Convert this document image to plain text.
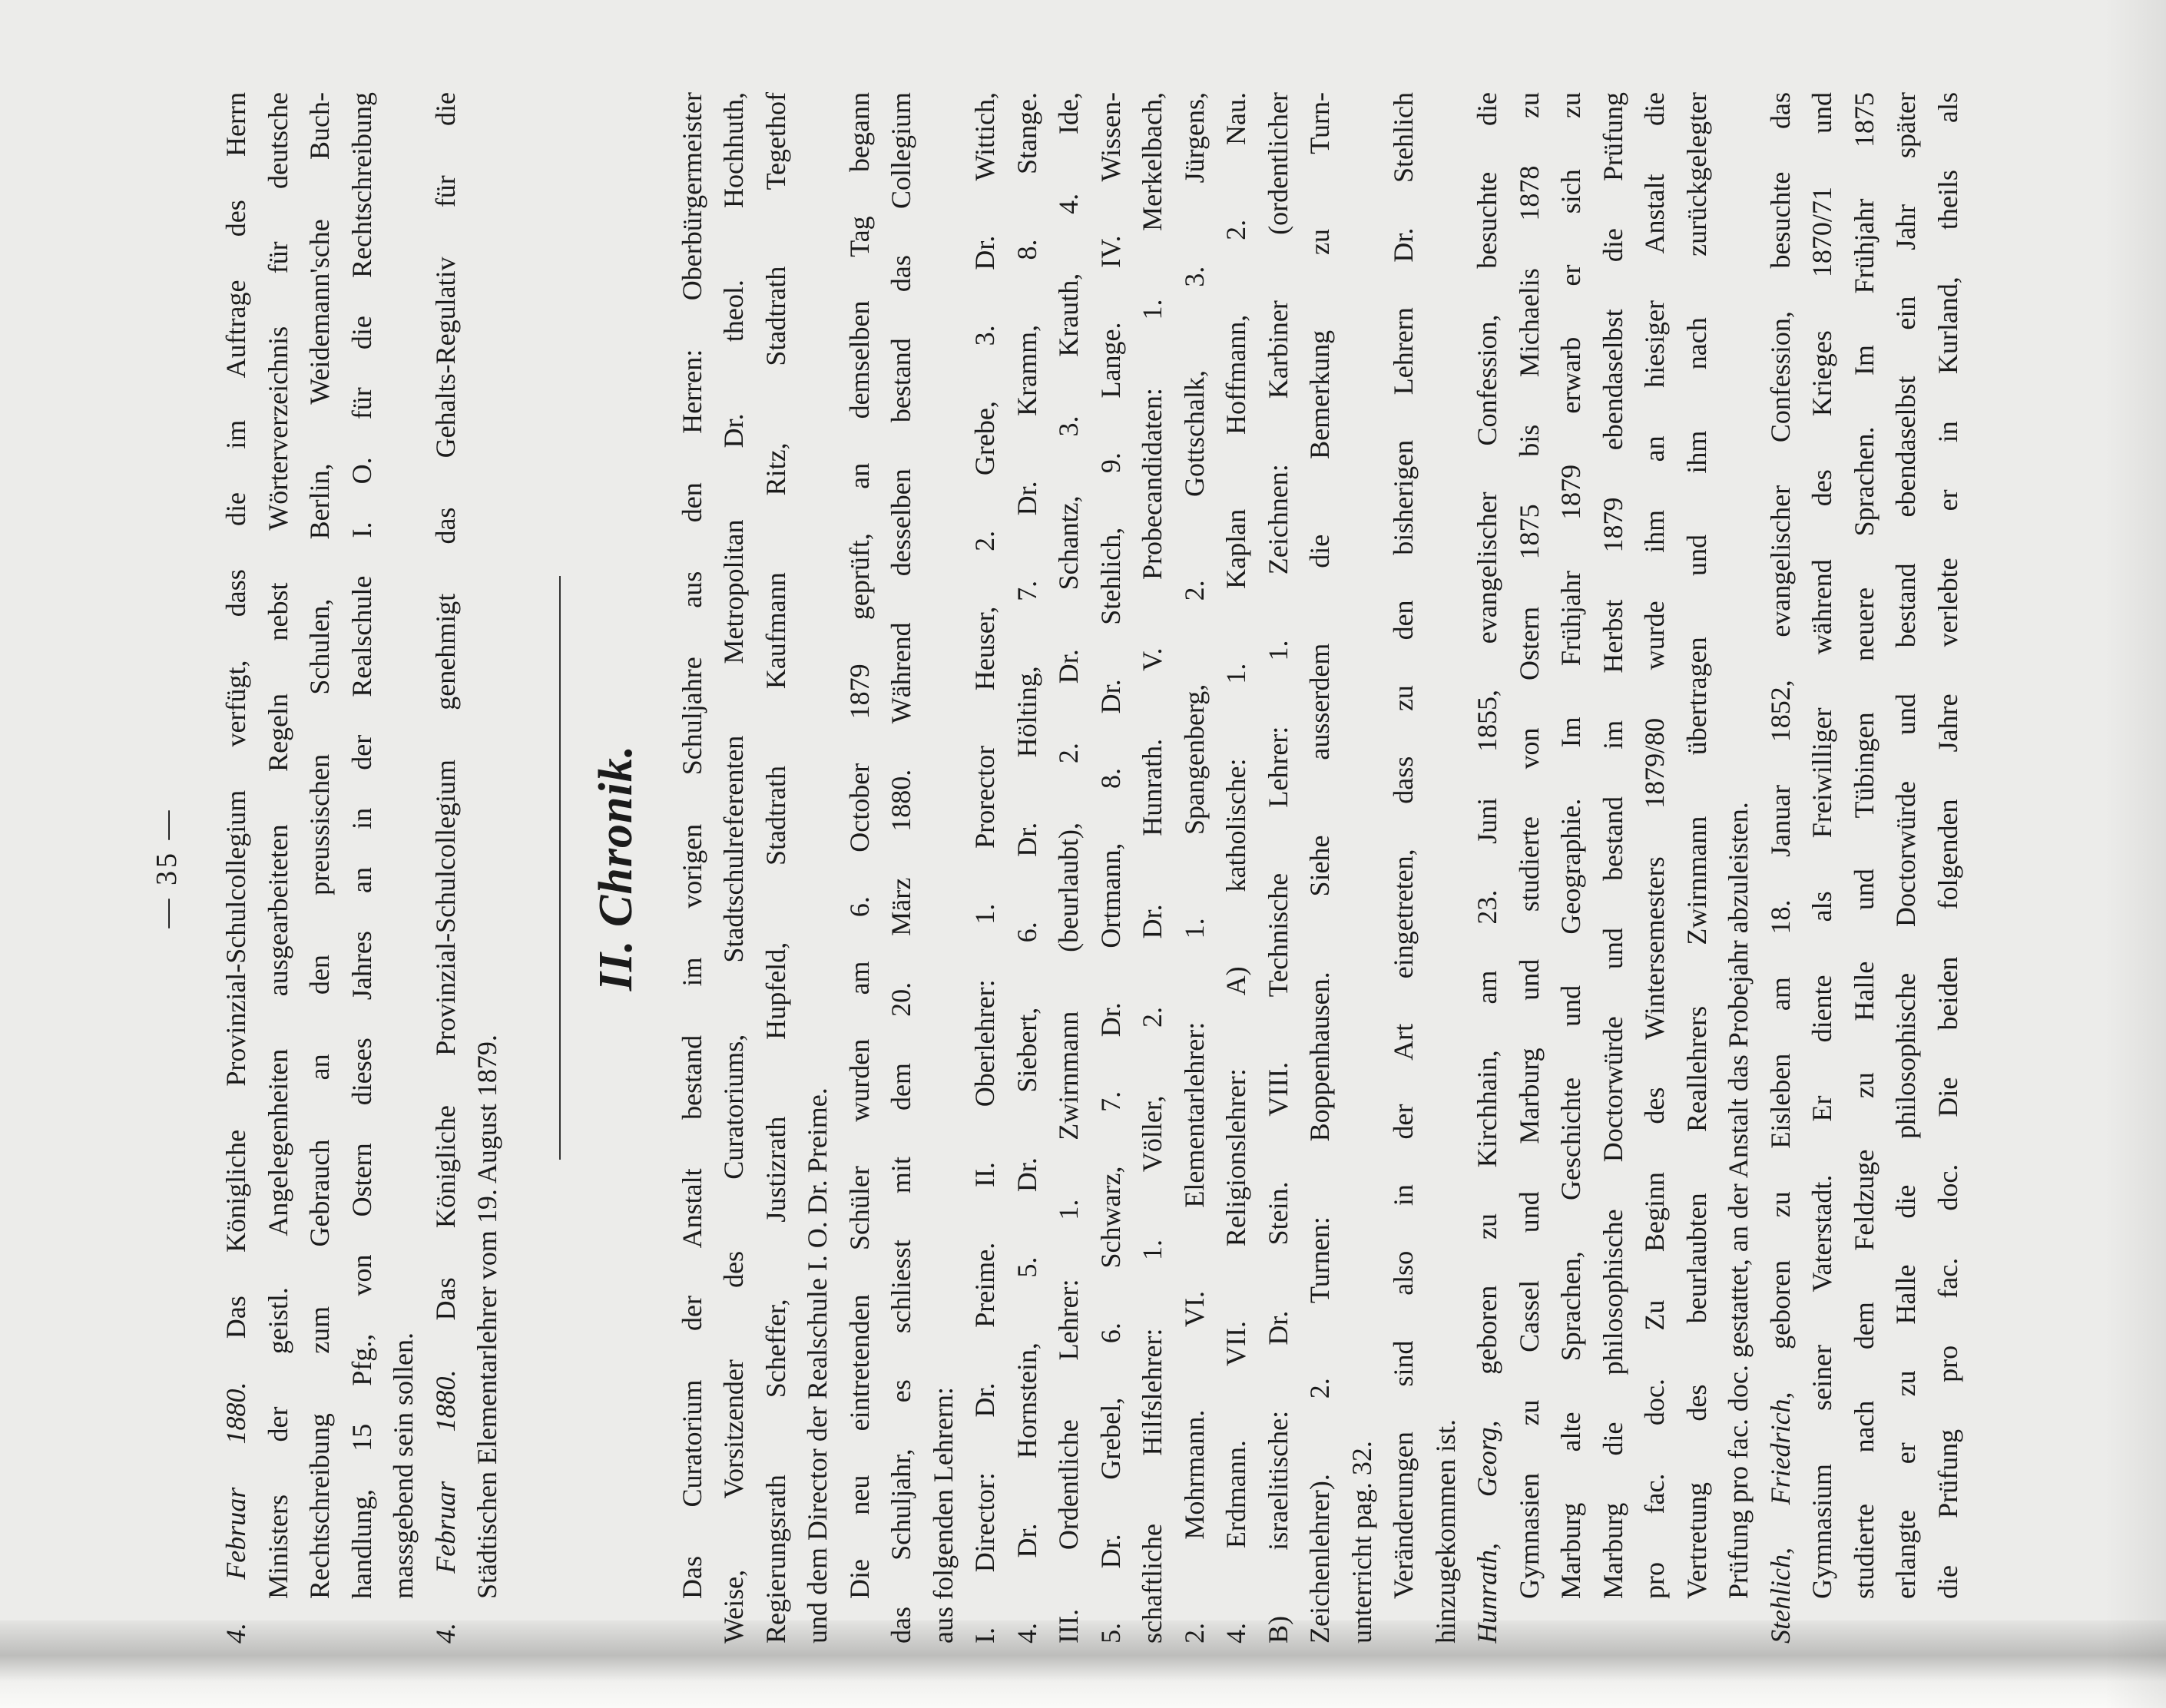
— 35 —
4. Februar 1880. Das Königliche Provinzial-Schulcollegium verfügt, dass die im Auftrage des Herrn Ministers der geistl. Angelegenheiten ausgearbeiteten Regeln nebst Wörterverzeichnis für deutsche Rechtschreibung zum Gebrauch an den preussischen Schulen, Berlin, Weidemann'sche Buch- handlung, 15 Pfg., von Ostern dieses Jahres an in der Realschule I. O. für die Rechtschreibung massgebend sein sollen. 4. Februar 1880. Das Königliche Provinzial-Schulcollegium genehmigt das Gehalts-Regulativ für die Städtischen Elementarlehrer vom 19. August 1879.
II. Chronik. Das Curatorium der Anstalt bestand im vorigen Schuljahre aus den Herren: Oberbürgermeister Weise, Vorsitzender des Curatoriums, Stadtschulreferenten Metropolitan Dr. theol. Hochhuth, Regierungsrath Scheffer, Justizrath Hupfeld, Stadtrath Kaufmann Ritz, Stadtrath Tegethof und dem Director der Realschule I. O. Dr. Preime. Die neu eintretenden Schüler wurden am 6. October 1879 geprüft, an demselben Tag begann das Schuljahr, es schliesst mit dem 20. März 1880. Während desselben bestand das Collegium aus folgenden Lehrern: I. Director: Dr. Preime. II. Oberlehrer: 1. Prorector Heuser, 2. Grebe, 3. Dr. Wittich, 4. Dr. Hornstein, 5. Dr. Siebert, 6. Dr. Hölting, 7. Dr. Kramm, 8. Stange. III. Ordentliche Lehrer: 1. Zwirnmann (beurlaubt), 2. Dr. Schantz, 3. Krauth, 4. Ide, 5. Dr. Grebel, 6. Schwarz, 7. Dr. Ortmann, 8. Dr. Stehlich, 9. Lange. IV. Wissen- schaftliche Hilfslehrer: 1. Völler, 2. Dr. Hunrath. V. Probecandidaten: 1. Merkelbach, 2. Mohrmann. VI. Elementarlehrer: 1. Spangenberg, 2. Gottschalk, 3. Jürgens, 4. Erdmann. VII. Religionslehrer: A) katholische: 1. Kaplan Hoffmann, 2. Nau. B) israelitische: Dr. Stein. VIII. Technische Lehrer: 1. Zeichnen: Karbiner (ordentlicher Zeichenlehrer). 2. Turnen: Boppenhausen. Siehe ausserdem die Bemerkung zu Turn- unterricht pag. 32. Veränderungen sind also in der Art eingetreten, dass zu den bisherigen Lehrern Dr. Stehlich hinzugekommen ist. Hunrath, Georg, geboren zu Kirchhain, am 23. Juni 1855, evangelischer Confession, besuchte die Gymnasien zu Cassel und Marburg und studierte von Ostern 1875 bis Michaelis 1878 zu Marburg alte Sprachen, Geschichte und Geographie. Im Frühjahr 1879 erwarb er sich zu Marburg die philosophische Doctorwürde und bestand im Herbst 1879 ebendaselbst die Prüfung pro fac. doc. Zu Beginn des Wintersemesters 1879/80 wurde ihm an hiesiger Anstalt die Vertretung des beurlaubten Reallehrers Zwirnmann übertragen und ihm nach zurückgelegter Prüfung pro fac. doc. gestattet, an der Anstalt das Probejahr abzuleisten. Stehlich, Friedrich, geboren zu Eisleben am 18. Januar 1852, evangelischer Confession, besuchte das Gymnasium seiner Vaterstadt. Er diente als Freiwilliger während des Krieges 1870/71 und studierte nach dem Feldzuge zu Halle und Tübingen neuere Sprachen. Im Frühjahr 1875 erlangte er zu Halle die philosophische Doctorwürde und bestand ebendaselbst ein Jahr später die Prüfung pro fac. doc. Die beiden folgenden Jahre verlebte er in Kurland, theils als
